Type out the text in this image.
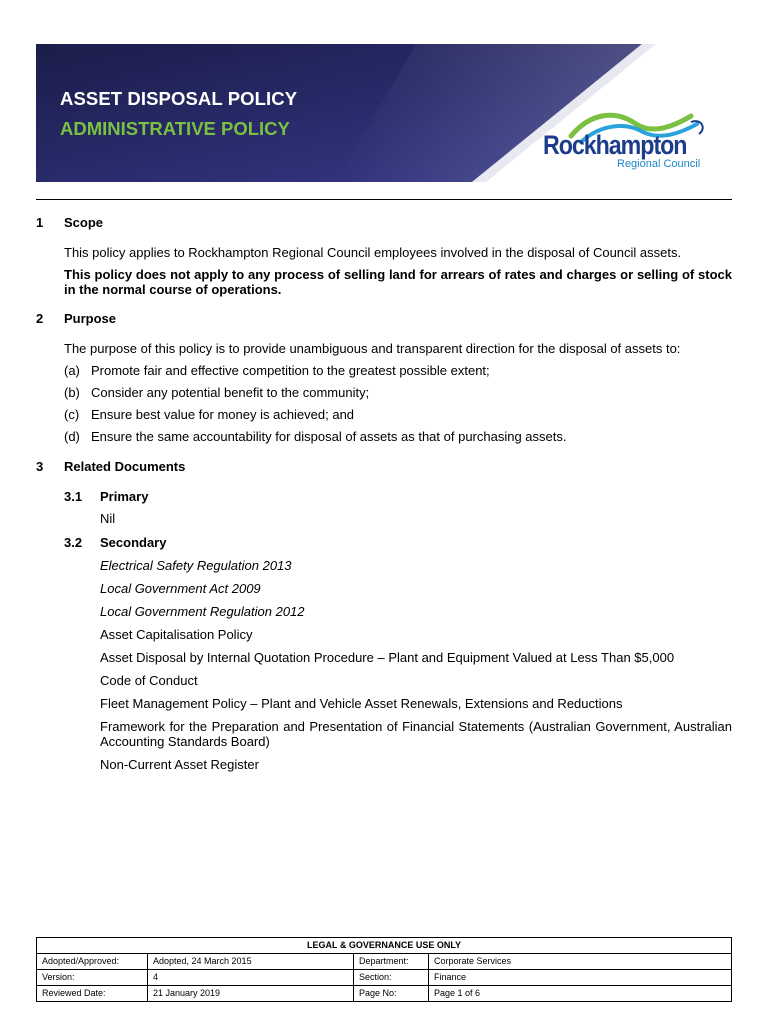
ASSET DISPOSAL POLICY
ADMINISTRATIVE POLICY
Rockhampton
Regional Council
1 Scope
This policy applies to Rockhampton Regional Council employees involved in the disposal of Council assets.
This policy does not apply to any process of selling land for arrears of rates and charges or selling of stock in the normal course of operations.
2 Purpose
The purpose of this policy is to provide unambiguous and transparent direction for the disposal of assets to:
(a) Promote fair and effective competition to the greatest possible extent;
(b) Consider any potential benefit to the community;
(c) Ensure best value for money is achieved; and
(d) Ensure the same accountability for disposal of assets as that of purchasing assets.
3 Related Documents
3.1 Primary
Nil
3.2 Secondary
Electrical Safety Regulation 2013
Local Government Act 2009
Local Government Regulation 2012
Asset Capitalisation Policy
Asset Disposal by Internal Quotation Procedure – Plant and Equipment Valued at Less Than $5,000
Code of Conduct
Fleet Management Policy – Plant and Vehicle Asset Renewals, Extensions and Reductions
Framework for the Preparation and Presentation of Financial Statements (Australian Government, Australian Accounting Standards Board)
Non-Current Asset Register
LEGAL & GOVERNANCE USE ONLY			
Adopted/Approved:	Adopted, 24 March 2015	Department:	Corporate Services
Version:	4	Section:	Finance
Reviewed Date:	21 January 2019	Page No:	Page 1 of 6
